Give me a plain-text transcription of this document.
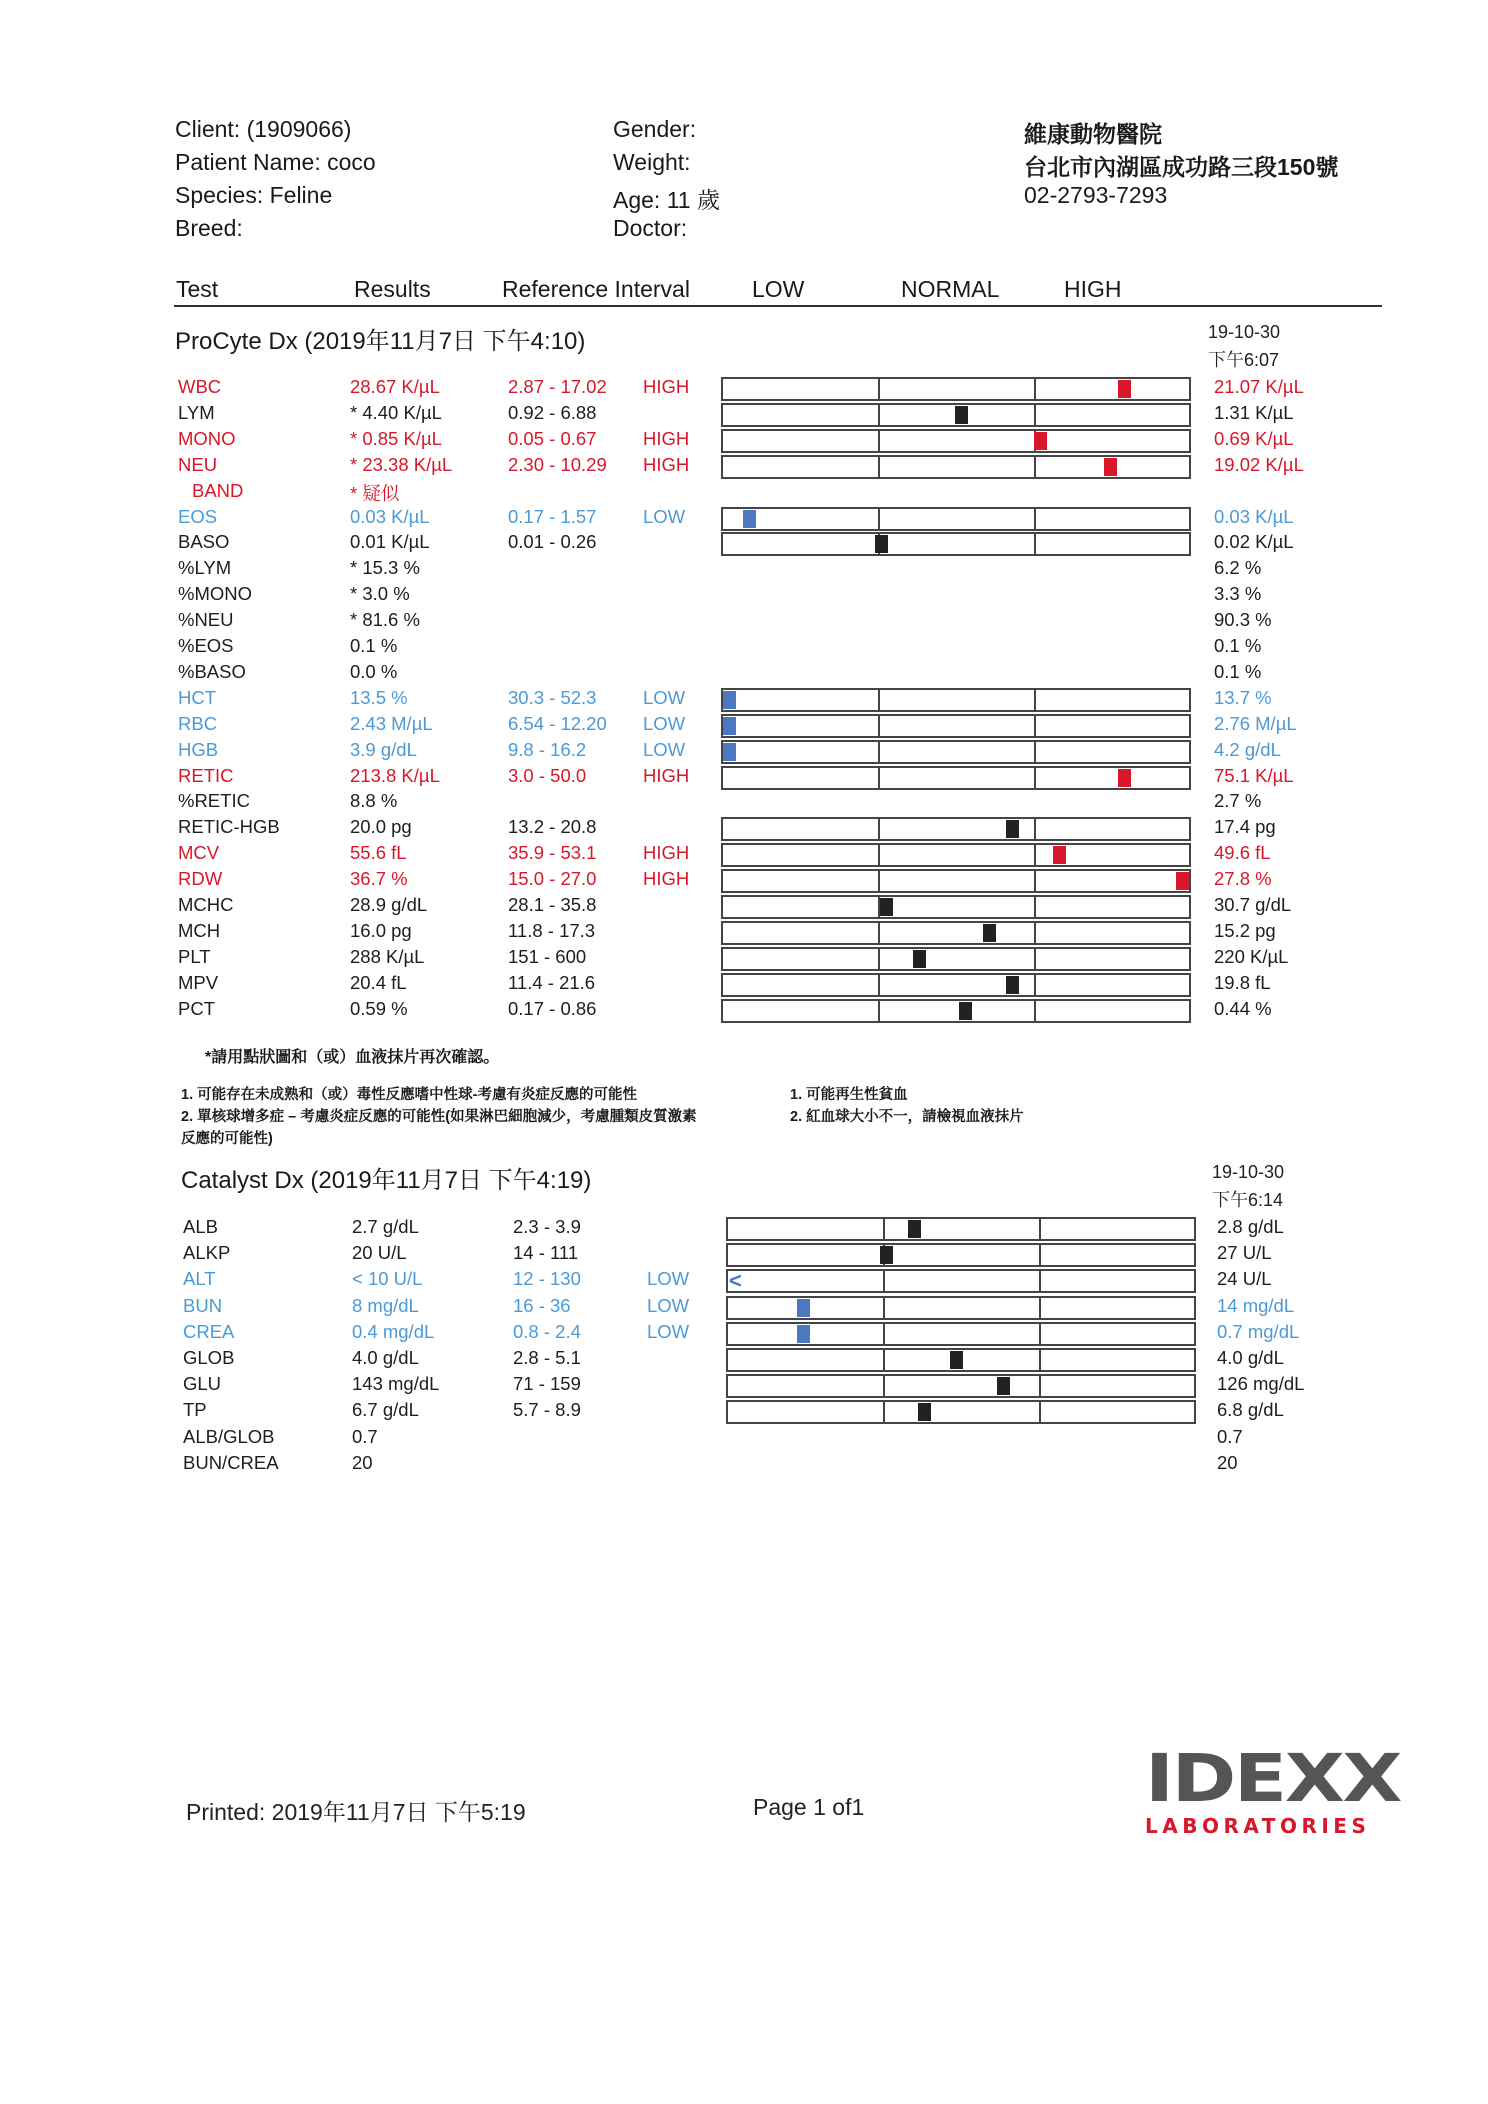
Client: (1909066)
Patient Name: coco
Species: Feline
Breed:
Gender:
Weight:
Age: 11 歲
Doctor:
維康動物醫院
台北市內湖區成功路三段150號
02-2793-7293
Test	Results	Reference Interval	LOW	NORMAL	HIGH
ProCyte Dx (2019年11月7日 下午4:10)	19-10-30
下午6:07
WBC	28.67 K/µL	2.87 - 17.02 HIGH	21.07 K/µL
LYM	* 4.40 K/µL	0.92 - 6.88	1.31 K/µL
MONO	* 0.85 K/µL	0.05 - 0.67	HIGH	0.69 K/µL
NEU	* 23.38 K/µL	2.30 - 10.29 HIGH	19.02 K/µL
BAND	* 疑似
EOS	0.03 K/µL	0.17 - 1.57	LOW	0.03 K/µL
BASO	0.01 K/µL	0.01 - 0.26	0.02 K/µL
%LYM	* 15.3 %	6.2 %
%MONO	* 3.0 %	3.3 %
%NEU	* 81.6 %	90.3 %
%EOS	0.1 %	0.1 %
%BASO	0.0 %	0.1 %
HCT	13.5 %	30.3 - 52.3	LOW	13.7 %
RBC	2.43 M/µL	6.54 - 12.20 LOW	2.76 M/µL
HGB	3.9 g/dL	9.8 - 16.2	LOW	4.2 g/dL
RETIC	213.8 K/µL	3.0 - 50.0	HIGH	75.1 K/µL
%RETIC	8.8 %	2.7 %
RETIC-HGB	20.0 pg	13.2 - 20.8	17.4 pg
MCV	55.6 fL	35.9 - 53.1	HIGH	49.6 fL
RDW	36.7 %	15.0 - 27.0	HIGH	27.8 %
MCHC	28.9 g/dL	28.1 - 35.8	30.7 g/dL
MCH	16.0 pg	11.8 - 17.3	15.2 pg
PLT	288 K/µL	151 - 600	220 K/µL
MPV	20.4 fL	11.4 - 21.6	19.8 fL
PCT	0.59 %	0.17 - 0.86	0.44 %
*請用點狀圖和（或）血液抹片再次確認。
1. 可能存在未成熟和（或）毒性反應嗜中性球-考慮有炎症反應的可能性
2. 單核球增多症 – 考慮炎症反應的可能性(如果淋巴細胞減少，考慮腫類皮質激素
反應的可能性)
1. 可能再生性貧血
2. 紅血球大小不一，請檢視血液抹片
Catalyst Dx (2019年11月7日 下午4:19)	19-10-30
下午6:14
ALB	2.7 g/dL	2.3 - 3.9	2.8 g/dL
ALKP	20 U/L	14 - 111	27 U/L
ALT	< 10 U/L	12 - 130	LOW	24 U/L
<
BUN	8 mg/dL	16 - 36	LOW	14 mg/dL
CREA	0.4 mg/dL	0.8 - 2.4	LOW	0.7 mg/dL
GLOB	4.0 g/dL	2.8 - 5.1	4.0 g/dL
GLU	143 mg/dL	71 - 159	126 mg/dL
TP	6.7 g/dL	5.7 - 8.9	6.8 g/dL
ALB/GLOB	0.7	0.7
BUN/CREA	20	20
Printed: 2019年11月7日 下午5:19	Page 1 of1	IDEXX
LABORATORIES
